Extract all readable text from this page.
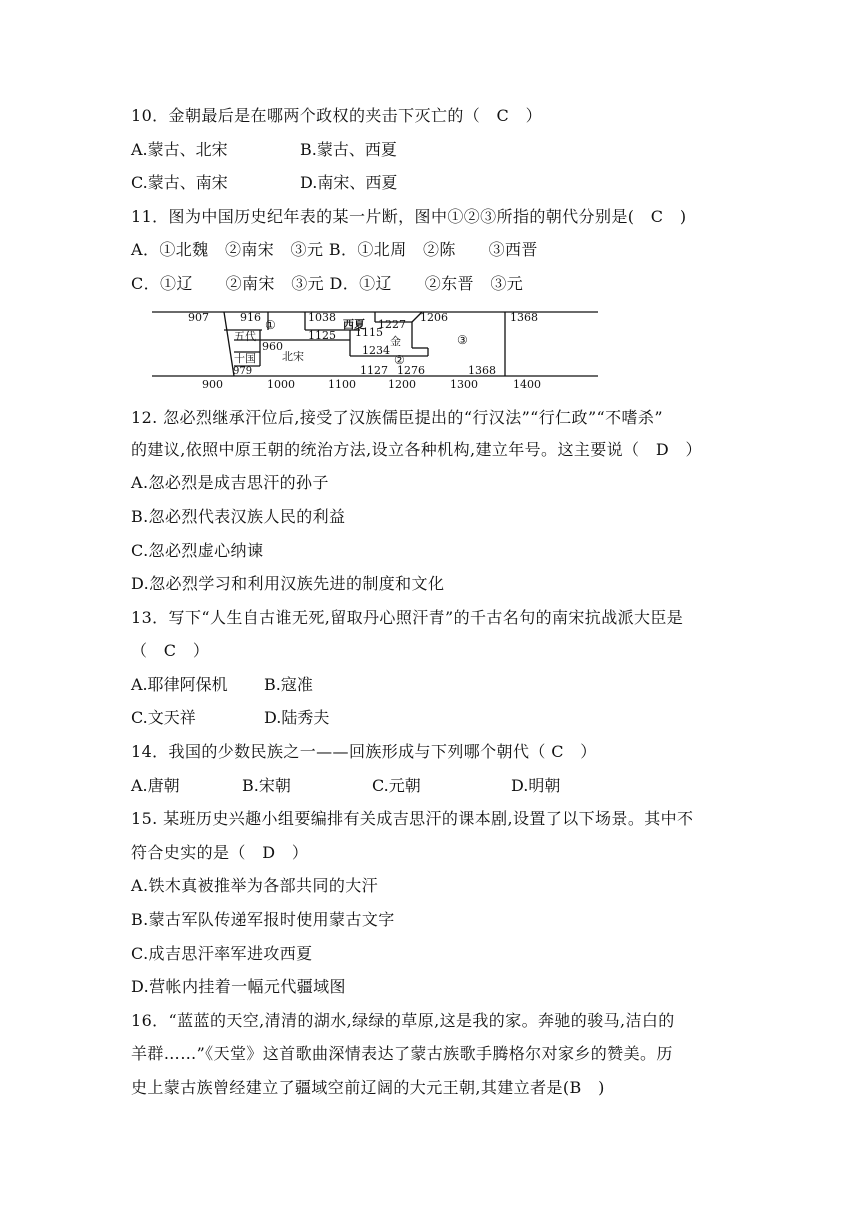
10．金朝最后是在哪两个政权的夹击下灭亡的（　C　）
A.蒙古、北宋	B.蒙古、西夏
C.蒙古、南宋	D.南宋、西夏
11．图为中国历史纪年表的某一片断，图中①②③所指的朝代分别是(　C　)
A．①北魏　②南宋　③元 B．①北周　②陈　　③西晋
C．①辽　　②南宋　③元 D．①辽　　②东晋　③元
907	916	1038
1227
1206	1368
①	西夏
金	③
1125 1115
1234
960
979	1127 1276	1368
五代
十国 北宋	②
900	1000	1100	1200	1300	1400
12. 忽必烈继承汗位后,接受了汉族儒臣提出的“行汉法”“行仁政”“不嗜杀”
的建议,依照中原王朝的统治方法,设立各种机构,建立年号。这主要说（　D　）
A.忽必烈是成吉思汗的孙子
B.忽必烈代表汉族人民的利益
C.忽必烈虚心纳谏
D.忽必烈学习和利用汉族先进的制度和文化
13．写下“人生自古谁无死,留取丹心照汗青”的千古名句的南宋抗战派大臣是
（　C　）
A.耶律阿保机 B.寇准
C.文天祥	D.陆秀夫
14．我国的少数民族之一——回族形成与下列哪个朝代（ C　）
A.唐朝	B.宋朝	C.元朝	D.明朝
15. 某班历史兴趣小组要编排有关成吉思汗的课本剧,设置了以下场景。其中不
符合史实的是（　D　）
A.铁木真被推举为各部共同的大汗
B.蒙古军队传递军报时使用蒙古文字
C.成吉思汗率军进攻西夏
D.营帐内挂着一幅元代疆域图
16．“蓝蓝的天空,清清的湖水,绿绿的草原,这是我的家。奔驰的骏马,洁白的
羊群……”《天堂》这首歌曲深情表达了蒙古族歌手腾格尔对家乡的赞美。历
史上蒙古族曾经建立了疆域空前辽阔的大元王朝,其建立者是(B　)
